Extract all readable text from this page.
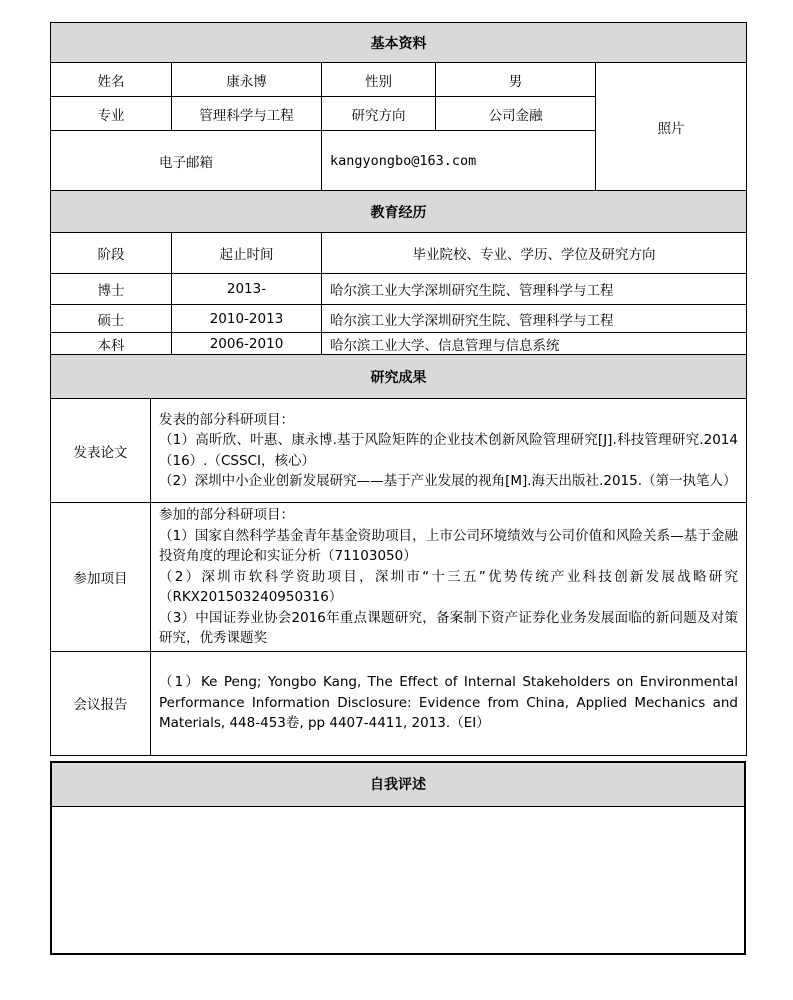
基本资料				
姓名	康永博	性别	男	照片
专业	管理科学与工程	研究方向	公司金融	
电子邮箱		kangyongbo@163.com		
教育经历		
阶段	起止时间	毕业院校、专业、学历、学位及研究方向
博士	2013-	哈尔滨工业大学深圳研究生院、管理科学与工程
硕士	2010-2013	哈尔滨工业大学深圳研究生院、管理科学与工程
本科	2006-2010	哈尔滨工业大学、信息管理与信息系统
研究成果	
发表论文	发表的部分科研项目：
（1）高昕欣、叶惠、康永博.基于风险矩阵的企业技术创新风险管理研究[J].科技管理研究.2014（16）.（CSSCI，核心）
（2）深圳中小企业创新发展研究——基于产业发展的视角[M].海天出版社.2015.（第一执笔人）

参加项目	参加的部分科研项目：
（1）国家自然科学基金青年基金资助项目，上市公司环境绩效与公司价值和风险关系—基于金融投资角度的理论和实证分析（71103050）
（2）深圳市软科学资助项目，深圳市“十三五”优势传统产业科技创新发展战略研究（RKX201503240950316）
（3）中国证券业协会2016年重点课题研究，备案制下资产证券化业务发展面临的新问题及对策研究，优秀课题奖

会议报告	（1）Ke Peng; Yongbo Kang, The Effect of Internal Stakeholders on Environmental Performance Information Disclosure: Evidence from China, Applied Mechanics and Materials, 448-453卷, pp 4407-4411, 2013.（EI）
自我评述
